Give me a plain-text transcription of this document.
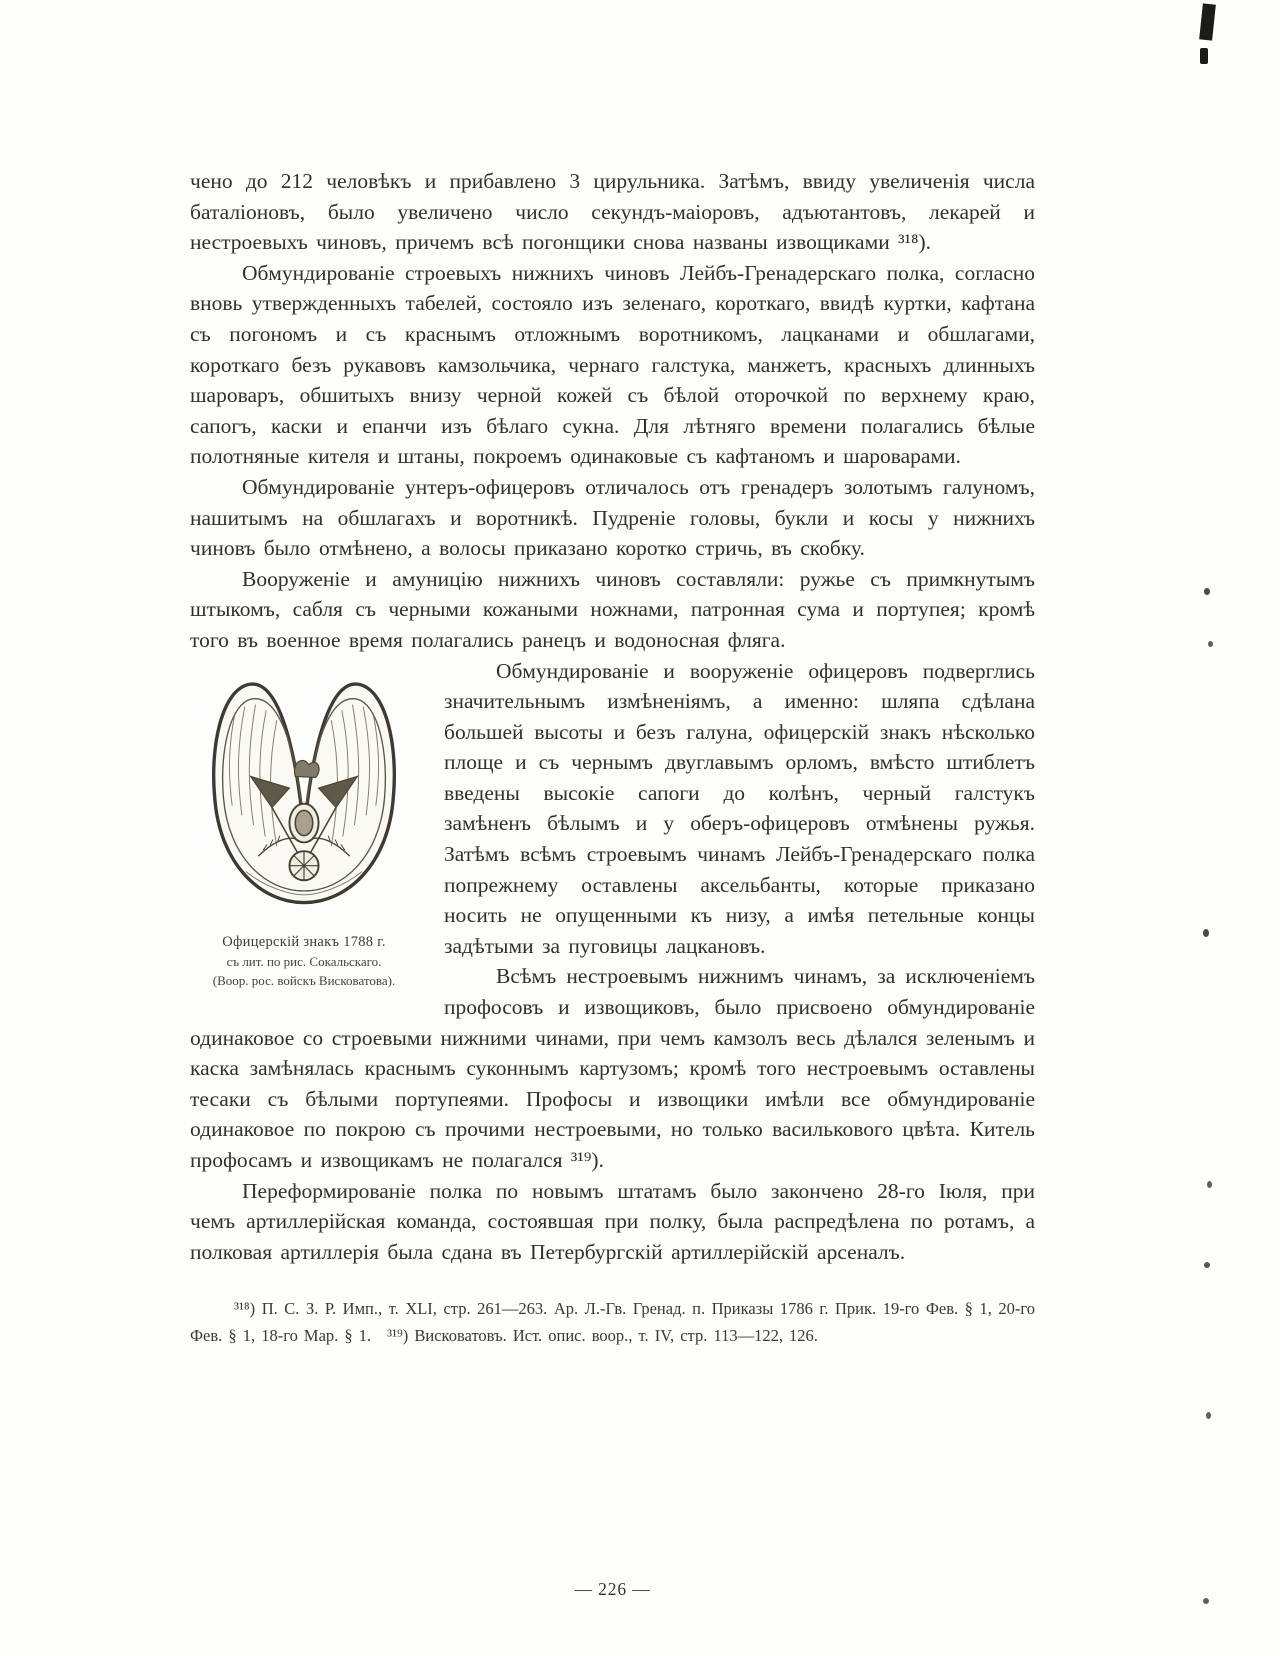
чено до 212 человѣкъ и прибавлено 3 цирульника. Затѣмъ, ввиду увеличенія числа баталіоновъ, было увеличено число секундъ-маіоровъ, адъютантовъ, лекарей и нестроевыхъ чиновъ, причемъ всѣ погонщики снова названы извощиками ³¹⁸).

Обмундированіе строевыхъ нижнихъ чиновъ Лейбъ-Гренадерскаго полка, согласно вновь утвержденныхъ табелей, состояло изъ зеленаго, короткаго, ввидѣ куртки, кафтана съ погономъ и съ краснымъ отложнымъ воротникомъ, лацканами и обшлагами, короткаго безъ рукавовъ камзольчика, чернаго галстука, манжетъ, красныхъ длинныхъ шароваръ, обшитыхъ внизу черной кожей съ бѣлой оторочкой по верхнему краю, сапогъ, каски и епанчи изъ бѣлаго сукна. Для лѣтняго времени полагались бѣлые полотняные кителя и штаны, покроемъ одинаковые съ кафтаномъ и шароварами.

Обмундированіе унтеръ-офицеровъ отличалось отъ гренадеръ золотымъ галуномъ, нашитымъ на обшлагахъ и воротникѣ. Пудреніе головы, букли и косы у нижнихъ чиновъ было отмѣнено, а волосы приказано коротко стричь, въ скобку.

Вооруженіе и амуницію нижнихъ чиновъ составляли: ружье съ примкнутымъ штыкомъ, сабля съ черными кожаными ножнами, патронная сума и портупея; кромѣ того въ военное время полагались ранецъ и водоносная фляга.

Офицерскій знакъ 1788 г.
съ лит. по рис. Сокальскаго.
(Воор. рос. войскъ Висковатова).

Обмундированіе и вооруженіе офицеровъ подверглись значительнымъ измѣненіямъ, а именно: шляпа сдѣлана большей высоты и безъ галуна, офицерскій знакъ нѣсколько площе и съ чернымъ двуглавымъ орломъ, вмѣсто штиблетъ введены высокіе сапоги до колѣнъ, черный галстукъ замѣненъ бѣлымъ и у оберъ-офицеровъ отмѣнены ружья. Затѣмъ всѣмъ строевымъ чинамъ Лейбъ-Гренадерскаго полка попрежнему оставлены аксельбанты, которые приказано носить не опущенными къ низу, а имѣя петельные концы задѣтыми за пуговицы лацкановъ.

Всѣмъ нестроевымъ нижнимъ чинамъ, за исключеніемъ профосовъ и извощиковъ, было присвоено обмундированіе одинаковое со строевыми нижними чинами, при чемъ камзолъ весь дѣлался зеленымъ и каска замѣнялась краснымъ суконнымъ картузомъ; кромѣ того нестроевымъ оставлены тесаки съ бѣлыми портупеями. Профосы и извощики имѣли все обмундированіе одинаковое по покрою съ прочими нестроевыми, но только василькового цвѣта. Китель профосамъ и извощикамъ не полагался ³¹⁹).

Переформированіе полка по новымъ штатамъ было закончено 28-го Іюля, при чемъ артиллерійская команда, состоявшая при полку, была распредѣлена по ротамъ, а полковая артиллерія была сдана въ Петербургскій артиллерійскій арсеналъ.

³¹⁸) П. С. З. Р. Имп., т. XLI, стр. 261—263. Ар. Л.-Гв. Гренад. п. Приказы 1786 г. Прик. 19-го Фев. § 1, 20-го Фев. § 1, 18-го Мар. § 1. ³¹⁹) Висковатовъ. Ист. опис. воор., т. IV, стр. 113—122, 126.

— 226 —
